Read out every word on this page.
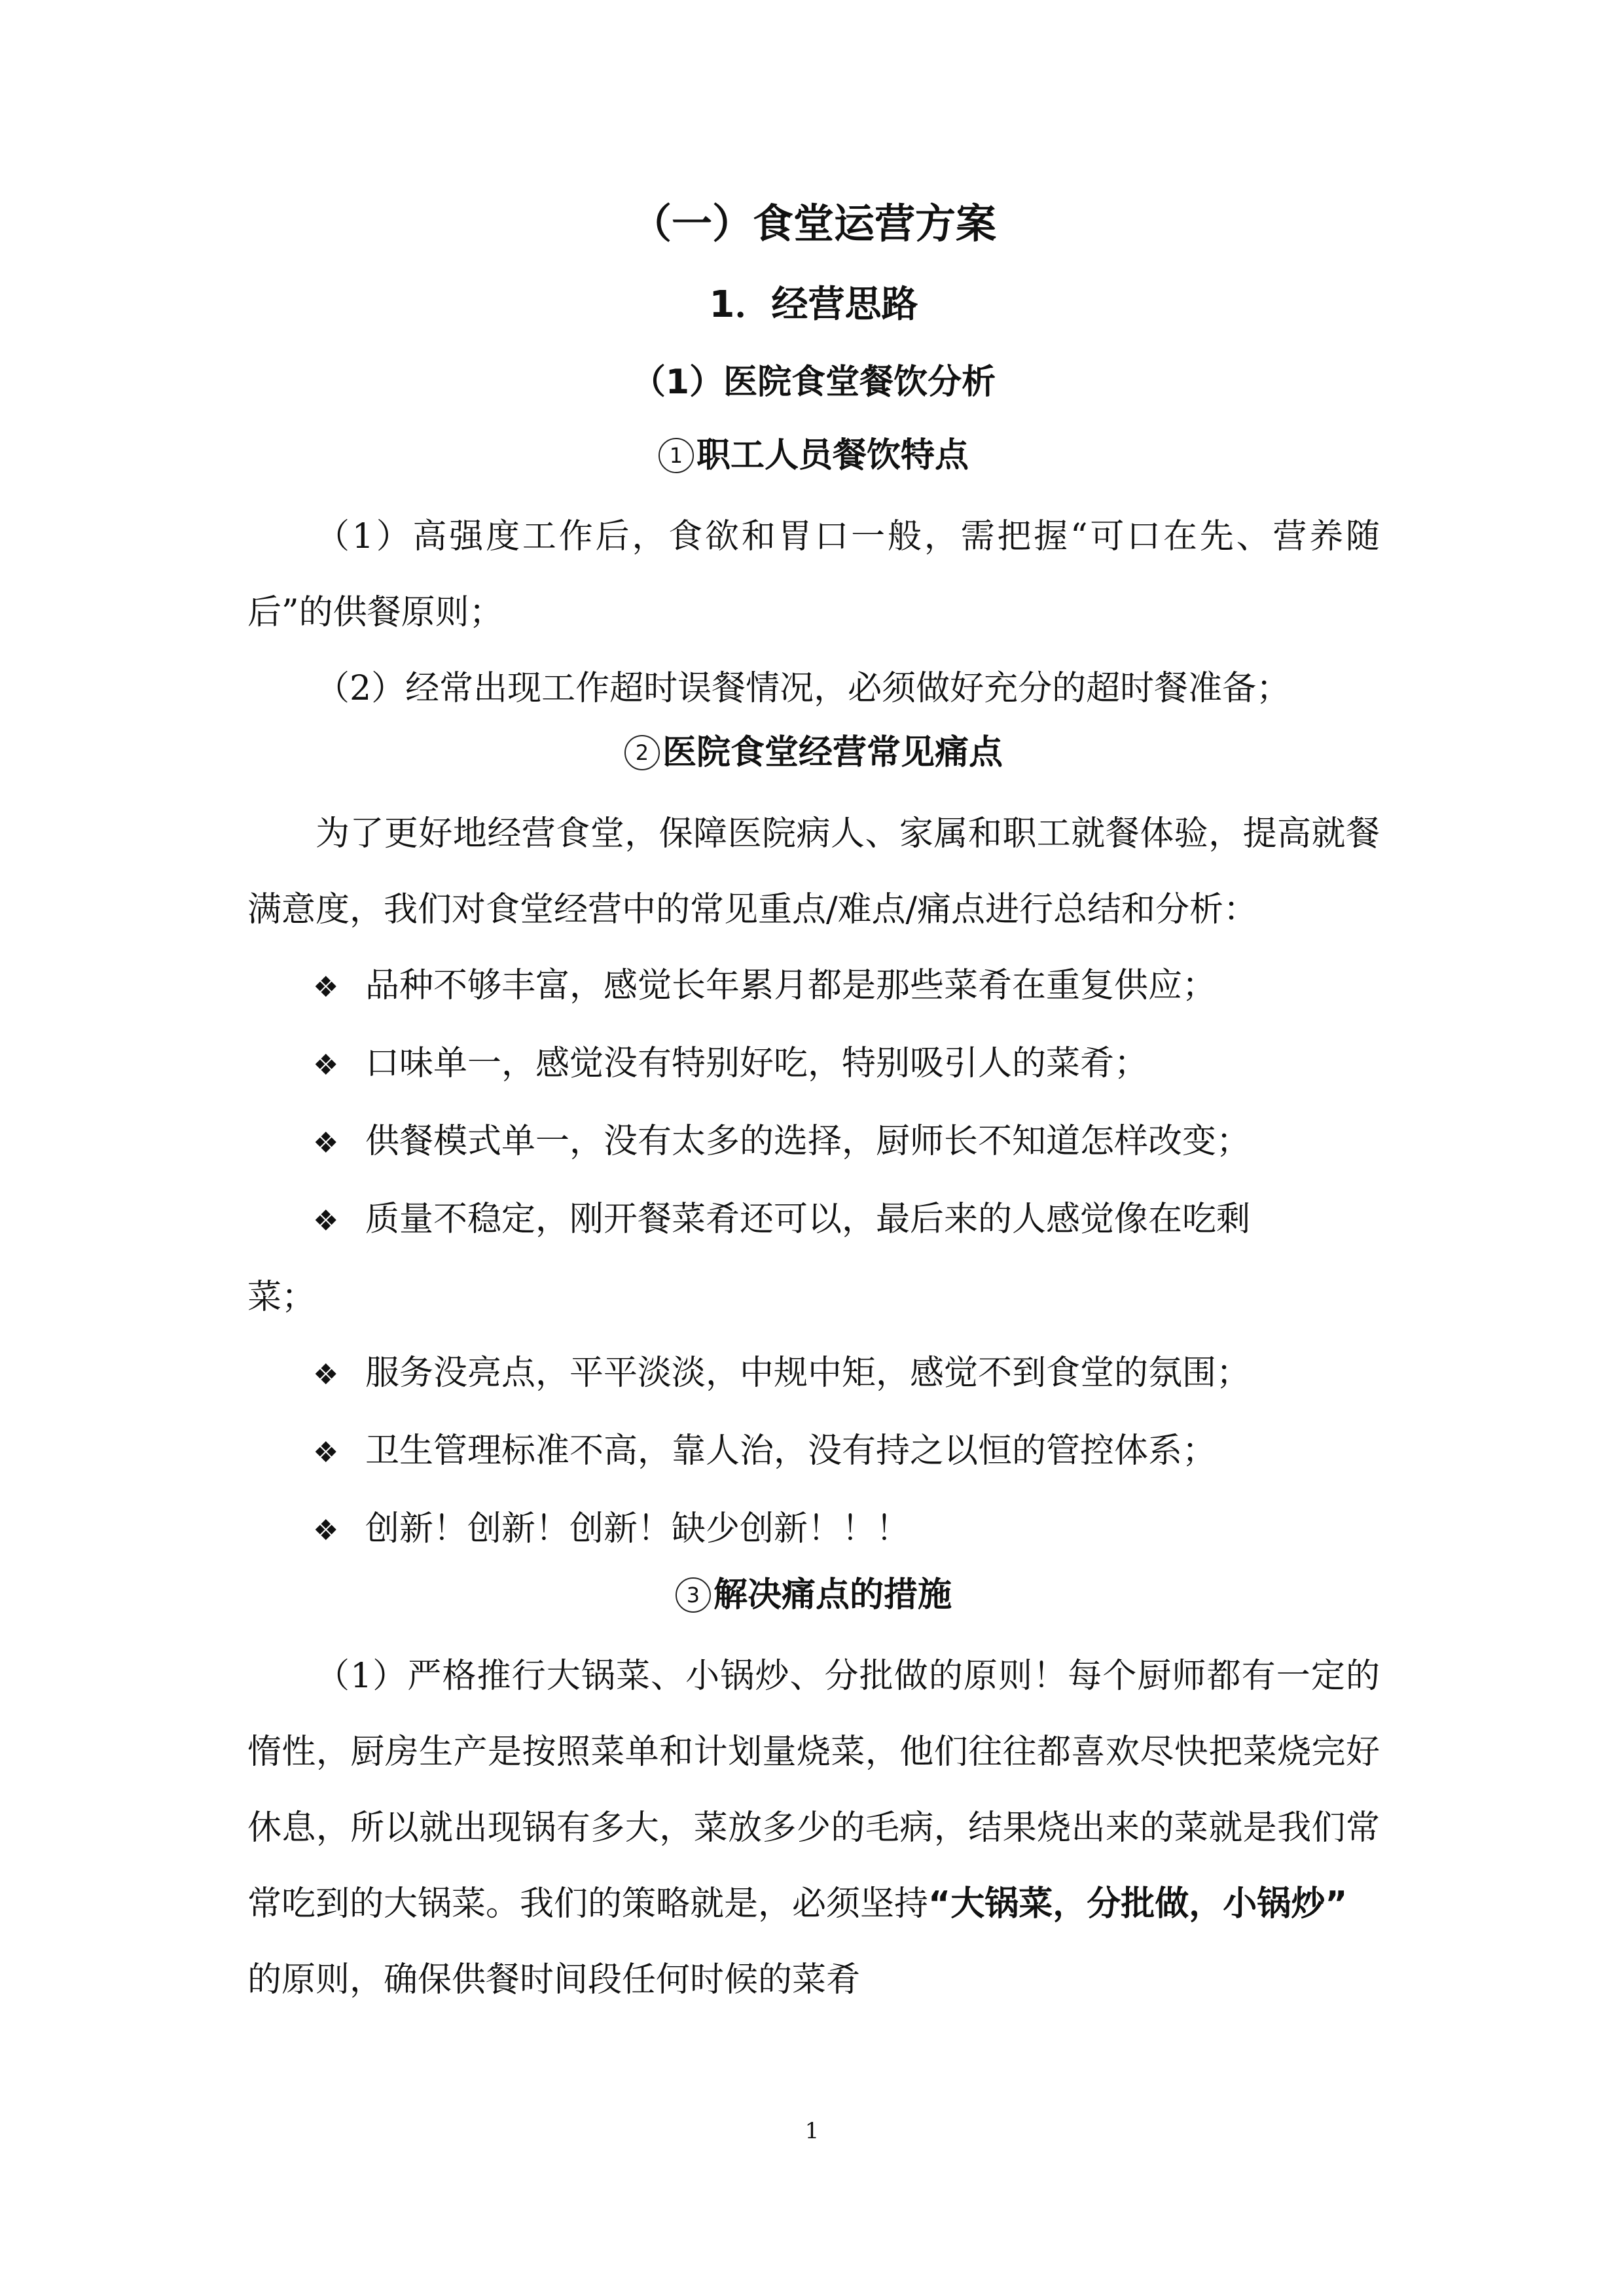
（一）食堂运营方案
1．经营思路
（1）医院食堂餐饮分析
1 职工人员餐饮特点

（1）高强度工作后，食欲和胃口一般，需把握“可口在先、营养随后”的供餐原则；

（2）经常出现工作超时误餐情况，必须做好充分的超时餐准备；

2 医院食堂经营常见痛点

为了更好地经营食堂，保障医院病人、家属和职工就餐体验，提高就餐满意度，我们对食堂经营中的常见重点/难点/痛点进行总结和分析：

❖ 品种不够丰富，感觉长年累月都是那些菜肴在重复供应；

❖ 口味单一，感觉没有特别好吃，特别吸引人的菜肴；

❖ 供餐模式单一，没有太多的选择，厨师长不知道怎样改变；

❖ 质量不稳定，刚开餐菜肴还可以，最后来的人感觉像在吃剩
菜；

❖ 服务没亮点，平平淡淡，中规中矩，感觉不到食堂的氛围；

❖ 卫生管理标准不高，靠人治，没有持之以恒的管控体系；

❖ 创新！创新！创新！缺少创新！！！

3 解决痛点的措施

（1）严格推行大锅菜、小锅炒、分批做的原则！每个厨师都有一定的惰性，厨房生产是按照菜单和计划量烧菜，他们往往都喜欢尽快把菜烧完好休息，所以就出现锅有多大，菜放多少的毛病，结果烧出来的菜就是我们常常吃到的大锅菜。我们的策略就是，必须坚持“大锅菜，分批做，小锅炒”　的原则，确保供餐时间段任何时候的菜肴

1
